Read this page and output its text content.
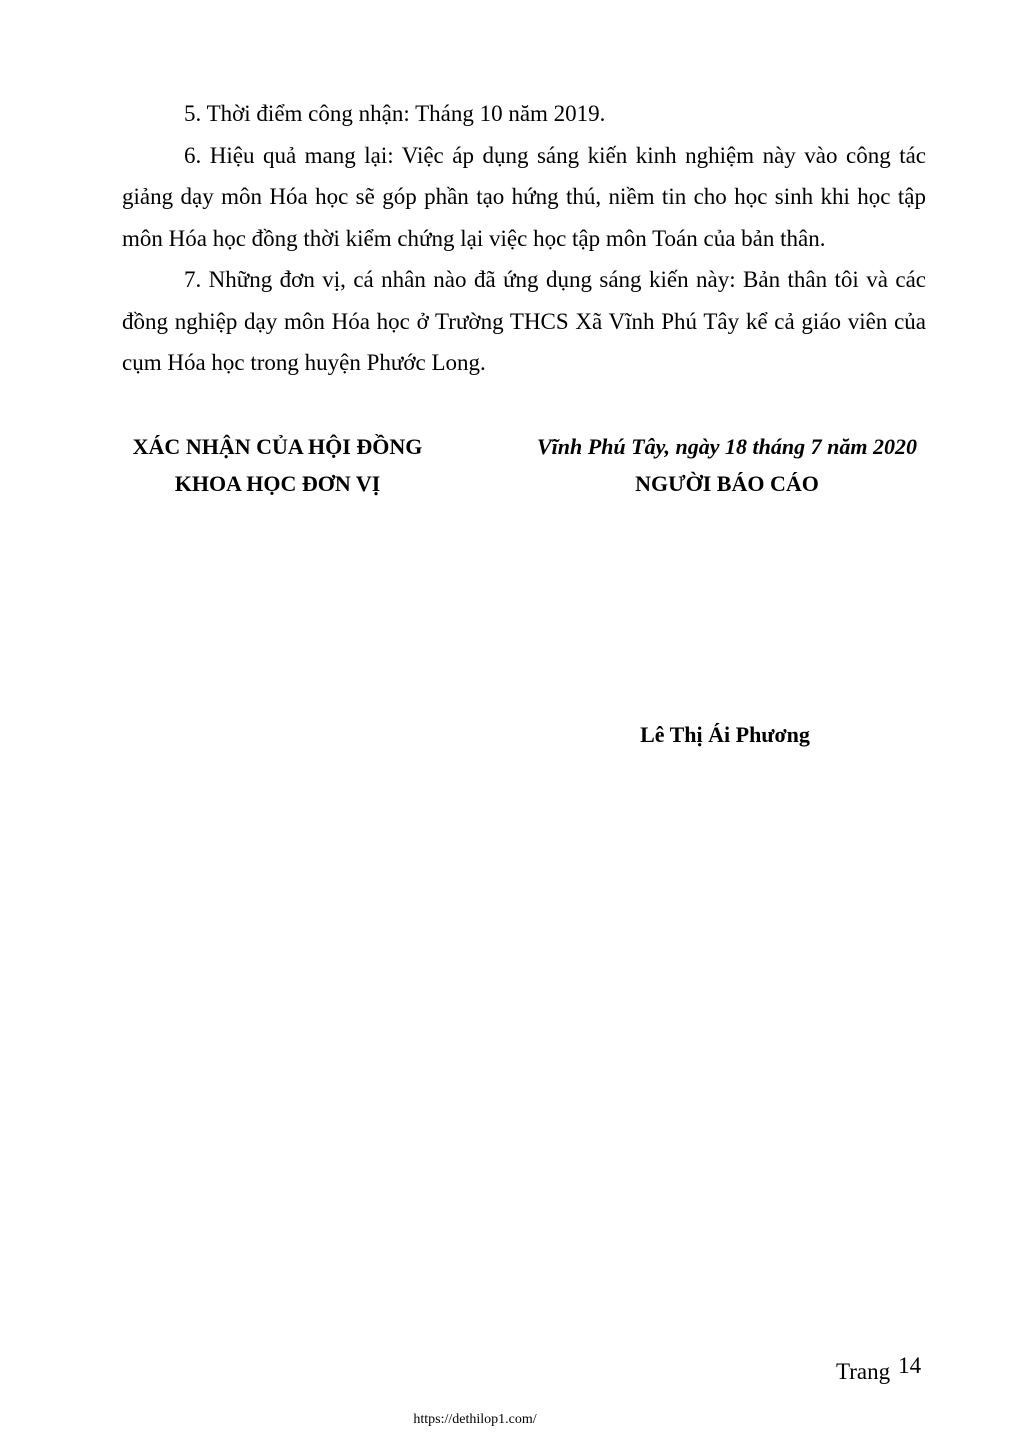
5. Thời điểm công nhận: Tháng 10 năm 2019.

6. Hiệu quả mang lại: Việc áp dụng sáng kiến kinh nghiệm này vào công tác giảng dạy môn Hóa học sẽ góp phần tạo hứng thú, niềm tin cho học sinh khi học tập môn Hóa học đồng thời kiểm chứng lại việc học tập môn Toán của bản thân.

7. Những đơn vị, cá nhân nào đã ứng dụng sáng kiến này: Bản thân tôi và các đồng nghiệp dạy môn Hóa học ở Trường THCS Xã Vĩnh Phú Tây kể cả giáo viên của cụm Hóa học trong huyện Phước Long.

XÁC NHẬN CỦA HỘI ĐỒNG
KHOA HỌC ĐƠN VỊ
Vĩnh Phú Tây, ngày 18 tháng 7 năm 2020
NGƯỜI BÁO CÁO
Lê Thị Ái Phương
Trang 14
https://dethilop1.com/
